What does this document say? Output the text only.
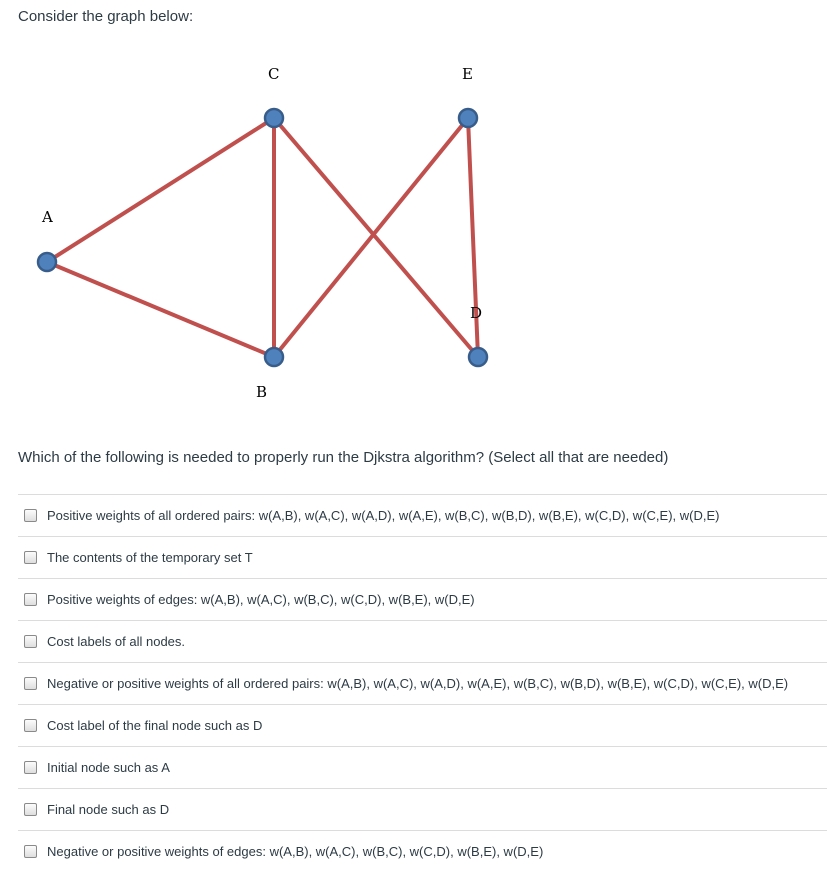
Consider the graph below:
A
B
C
D
E
Which of the following is needed to properly run the Djkstra algorithm? (Select all that are needed)
Positive weights of all ordered pairs: w(A,B), w(A,C), w(A,D), w(A,E), w(B,C), w(B,D), w(B,E), w(C,D), w(C,E), w(D,E)
The contents of the temporary set T
Positive weights of edges: w(A,B), w(A,C), w(B,C), w(C,D), w(B,E), w(D,E)
Cost labels of all nodes.
Negative or positive weights of all ordered pairs: w(A,B), w(A,C), w(A,D), w(A,E), w(B,C), w(B,D), w(B,E), w(C,D), w(C,E), w(D,E)
Cost label of the final node such as D
Initial node such as A
Final node such as D
Negative or positive weights of edges: w(A,B), w(A,C), w(B,C), w(C,D), w(B,E), w(D,E)
